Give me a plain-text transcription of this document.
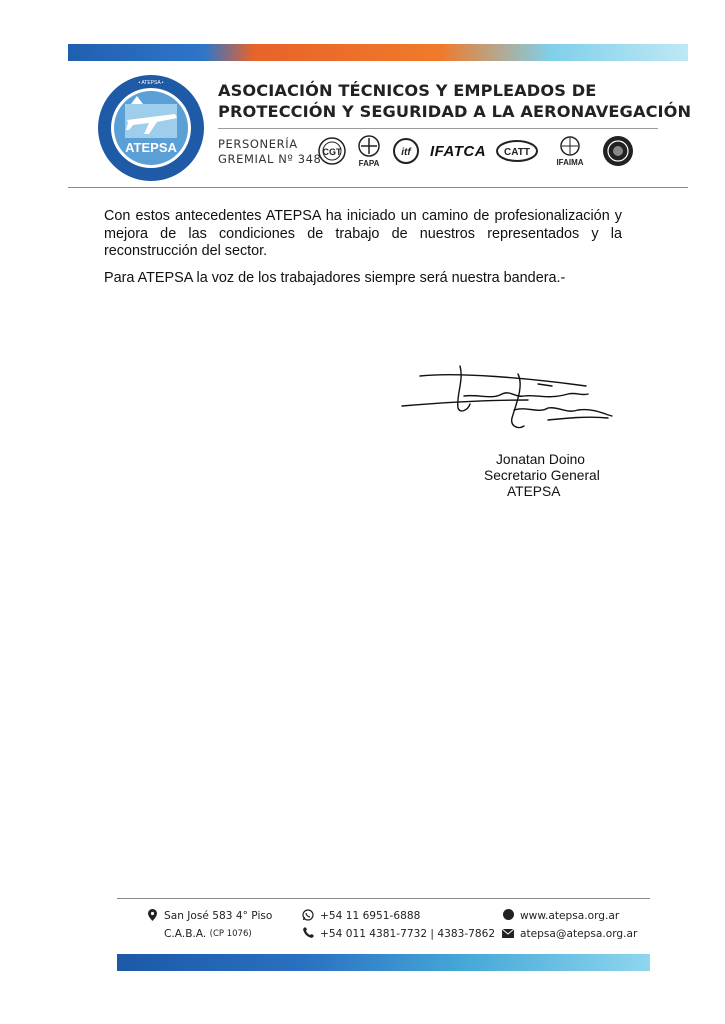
ATEPSA
• ATEPSA •	ASOCIACIÓN TÉCNICOS Y EMPLEADOS DE
PROTECCIÓN Y SEGURIDAD A LA AERONAVEGACIÓN
PERSONERÍA
GREMIAL Nº 348 CGT
FAPA
itf IFATCA CATT
IFAIMA

Con estos antecedentes ATEPSA ha iniciado un camino de profesionalización y mejora de las condiciones de trabajo de nuestros representados y la reconstrucción del sector.

Para ATEPSA la voz de los trabajadores siempre será nuestra bandera.-

Jonatan Doino
Secretario General
ATEPSA
San José 583 4° Piso
C.A.B.A.
(CP 1076)
+54 11 6951-6888
+54 011 4381-7732 | 4383-7862
www.atepsa.org.ar
atepsa@atepsa.org.ar
